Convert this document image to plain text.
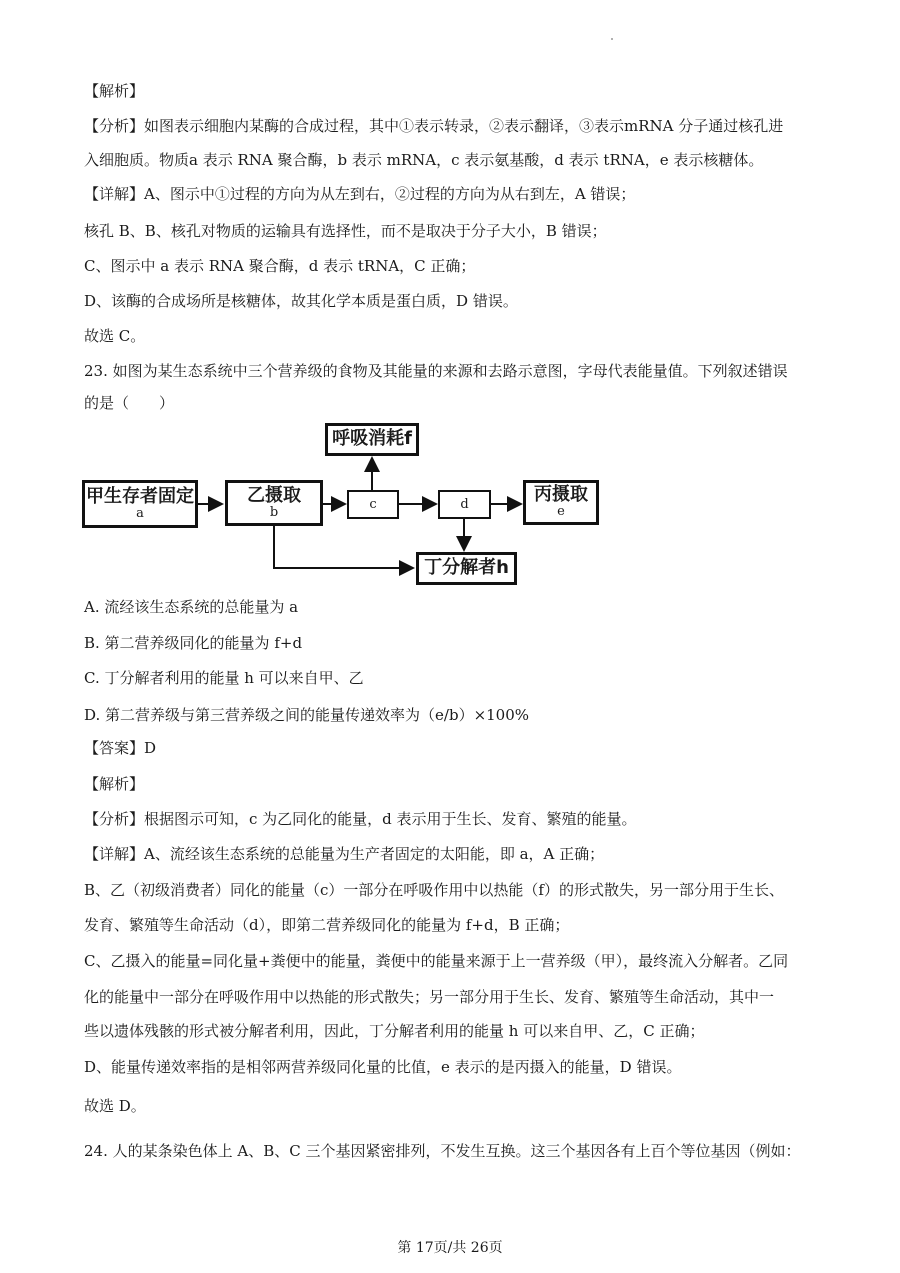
【解析】
【分析】如图表示细胞内某酶的合成过程，其中①表示转录，②表示翻译，③表示mRNA 分子通过核孔进
入细胞质。物质a 表示 RNA 聚合酶，b 表示 mRNA，c 表示氨基酸，d 表示 tRNA，e 表示核糖体。
【详解】A、图示中①过程的方向为从左到右，②过程的方向为从右到左，A 错误；
核孔 B、B、核孔对物质的运输具有选择性，而不是取决于分子大小，B 错误；
C、图示中 a 表示 RNA 聚合酶，d 表示 tRNA，C 正确；
D、该酶的合成场所是核糖体，故其化学本质是蛋白质，D 错误。
故选 C。
23. 如图为某生态系统中三个营养级的食物及其能量的来源和去路示意图，字母代表能量值。下列叙述错误
的是（　　）
A. 流经该生态系统的总能量为 a
B. 第二营养级同化的能量为 f+d
C. 丁分解者利用的能量 h 可以来自甲、乙
D. 第二营养级与第三营养级之间的能量传递效率为（e/b）×100%
【答案】D
【解析】
【分析】根据图示可知，c 为乙同化的能量，d 表示用于生长、发育、繁殖的能量。
【详解】A、流经该生态系统的总能量为生产者固定的太阳能，即 a，A 正确；
B、乙（初级消费者）同化的能量（c）一部分在呼吸作用中以热能（f）的形式散失，另一部分用于生长、
发育、繁殖等生命活动（d），即第二营养级同化的能量为 f+d，B 正确；
C、乙摄入的能量=同化量+粪便中的能量，粪便中的能量来源于上一营养级（甲），最终流入分解者。乙同
化的能量中一部分在呼吸作用中以热能的形式散失；另一部分用于生长、发育、繁殖等生命活动，其中一
些以遗体残骸的形式被分解者利用，因此，丁分解者利用的能量 h 可以来自甲、乙，C 正确；
D、能量传递效率指的是相邻两营养级同化量的比值，e 表示的是丙摄入的能量，D 错误。
故选 D。
24. 人的某条染色体上 A、B、C 三个基因紧密排列，不发生互换。这三个基因各有上百个等位基因（例如：
呼吸消耗f
甲生存者固定
a
乙摄取
b
c	d	丙摄取
e
丁分解者h
第 17页/共 26页
